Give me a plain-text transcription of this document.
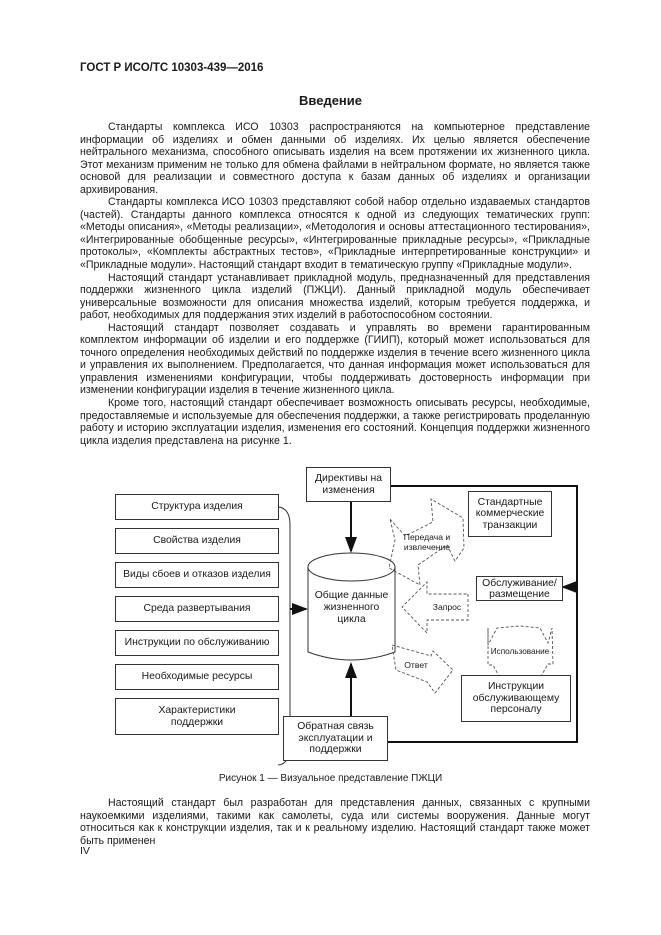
ГОСТ Р ИСО/ТС 10303-439—2016
Введение

Стандарты комплекса ИСО 10303 распространяются на компьютерное представление информации об изделиях и обмен данными об изделиях. Их целью является обеспечение нейтрального механизма, способного описывать изделия на всем протяжении их жизненного цикла. Этот механизм применим не только для обмена файлами в нейтральном формате, но является также основой для реализации и совместного доступа к базам данных об изделиях и организации архивирования.

Стандарты комплекса ИСО 10303 представляют собой набор отдельно издаваемых стандартов (частей). Стандарты данного комплекса относятся к одной из следующих тематических групп: «Методы описания», «Методы реализации», «Методология и основы аттестационного тестирования», «Интегрированные обобщенные ресурсы», «Интегрированные прикладные ресурсы», «Прикладные протоколы», «Комплекты абстрактных тестов», «Прикладные интерпретированные конструкции» и «Прикладные модули». Настоящий стандарт входит в тематическую группу «Прикладные модули».

Настоящий стандарт устанавливает прикладной модуль, предназначенный для представления поддержки жизненного цикла изделий (ПЖЦИ). Данный прикладной модуль обеспечивает универсальные возможности для описания множества изделий, которым требуется поддержка, и работ, необходимых для поддержания этих изделий в работоспособном состоянии.

Настоящий стандарт позволяет создавать и управлять во времени гарантированным комплектом информации об изделии и его поддержке (ГИИП), который может использоваться для точного определения необходимых действий по поддержке изделия в течение всего жизненного цикла и управления их выполнением. Предполагается, что данная информация может использоваться для управления изменениями конфигурации, чтобы поддерживать достоверность информации при изменении конфигурации изделия в течение жизненного цикла.

Кроме того, настоящий стандарт обеспечивает возможность описывать ресурсы, необходимые, предоставляемые и используемые для обеспечения поддержки, а также регистрировать проделанную работу и историю эксплуатации изделия, изменения его состояний. Концепция поддержки жизненного цикла изделия представлена на рисунке 1.

Структура изделия
Свойства изделия
Виды сбоев и отказов изделия
Среда развертывания
Инструкции по обслуживанию
Необходимые ресурсы
Характеристики поддержки
Общие данные жизненного цикла
Директивы на изменения
Обратная связь эксплуатации и поддержки
Стандартные коммерческие транзакции
Обслуживание/ размещение
Инструкции обслуживающему персоналу
Передача и извлечение
Запрос
Ответ
Использование
Рисунок 1 — Визуальное представление ПЖЦИ

Настоящий стандарт был разработан для представления данных, связанных с крупными наукоемкими изделиями, такими как самолеты, суда или системы вооружения. Данные могут относиться как к конструкции изделия, так и к реальному изделию. Настоящий стандарт также может быть применен

IV
